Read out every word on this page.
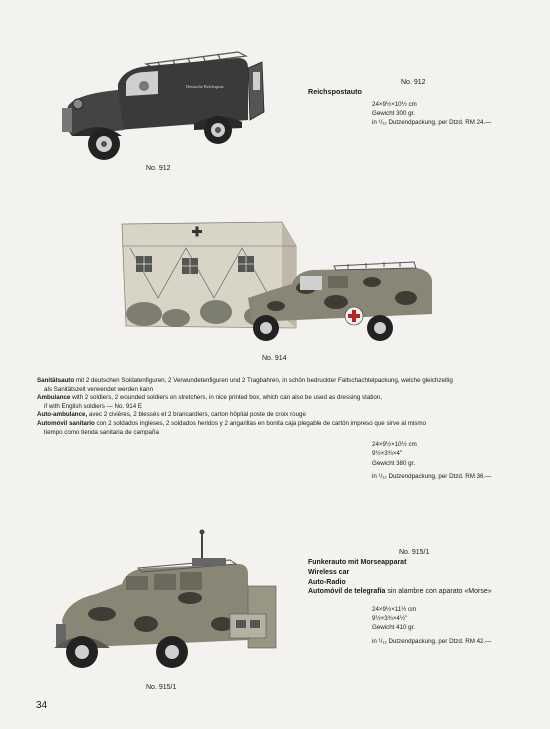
Deutsche Reichspost
No. 912
No. 912
Reichspostauto
24×9½×10½ cm
Gewicht 300 gr.
in ¹/₁₂ Dutzendpackung, per Dtzd. RM 24.—
No. 914
Sanitätsauto mit 2 deutschen Soldatenfiguren, 2 Verwundetenfiguren und 2 Tragbahren, in schön bedruckter Faltschachtelpackung, welche gleichzeitig
als Sanitätszelt verwendet werden kann
Ambulance with 2 soldiers, 2 wounded soldiers on stretchers, in nice printed box, which can also be used as dressing station,
if with English soldiers — No. 914 E
Auto-ambulance, avec 2 civières, 2 blessés et 2 brancardiers, carton hôpital poste de croix rouge
Automóvil sanitario con 2 soldados ingleses, 2 soldados heridos y 2 angarillas en bonita caja plegable de cartón impreso que sirve al mismo
tiempo como tienda sanitaria de campaña
24×9½×10½ cm
9½×3¾×4"
Gewicht 380 gr.
in ¹/₁₂ Dutzendpackung, per Dtzd. RM 36.—
No. 915/1
No. 915/1
Funkerauto mit Morseapparat
Wireless car
Auto-Radio
Automóvil de telegrafía sin alambre con aparato «Morse»
24×9½×11½ cm
9½×3¾×4½"
Gewicht 410 gr.
in ¹/₁₂ Dutzendpackung, per Dtzd. RM 42.—
34
